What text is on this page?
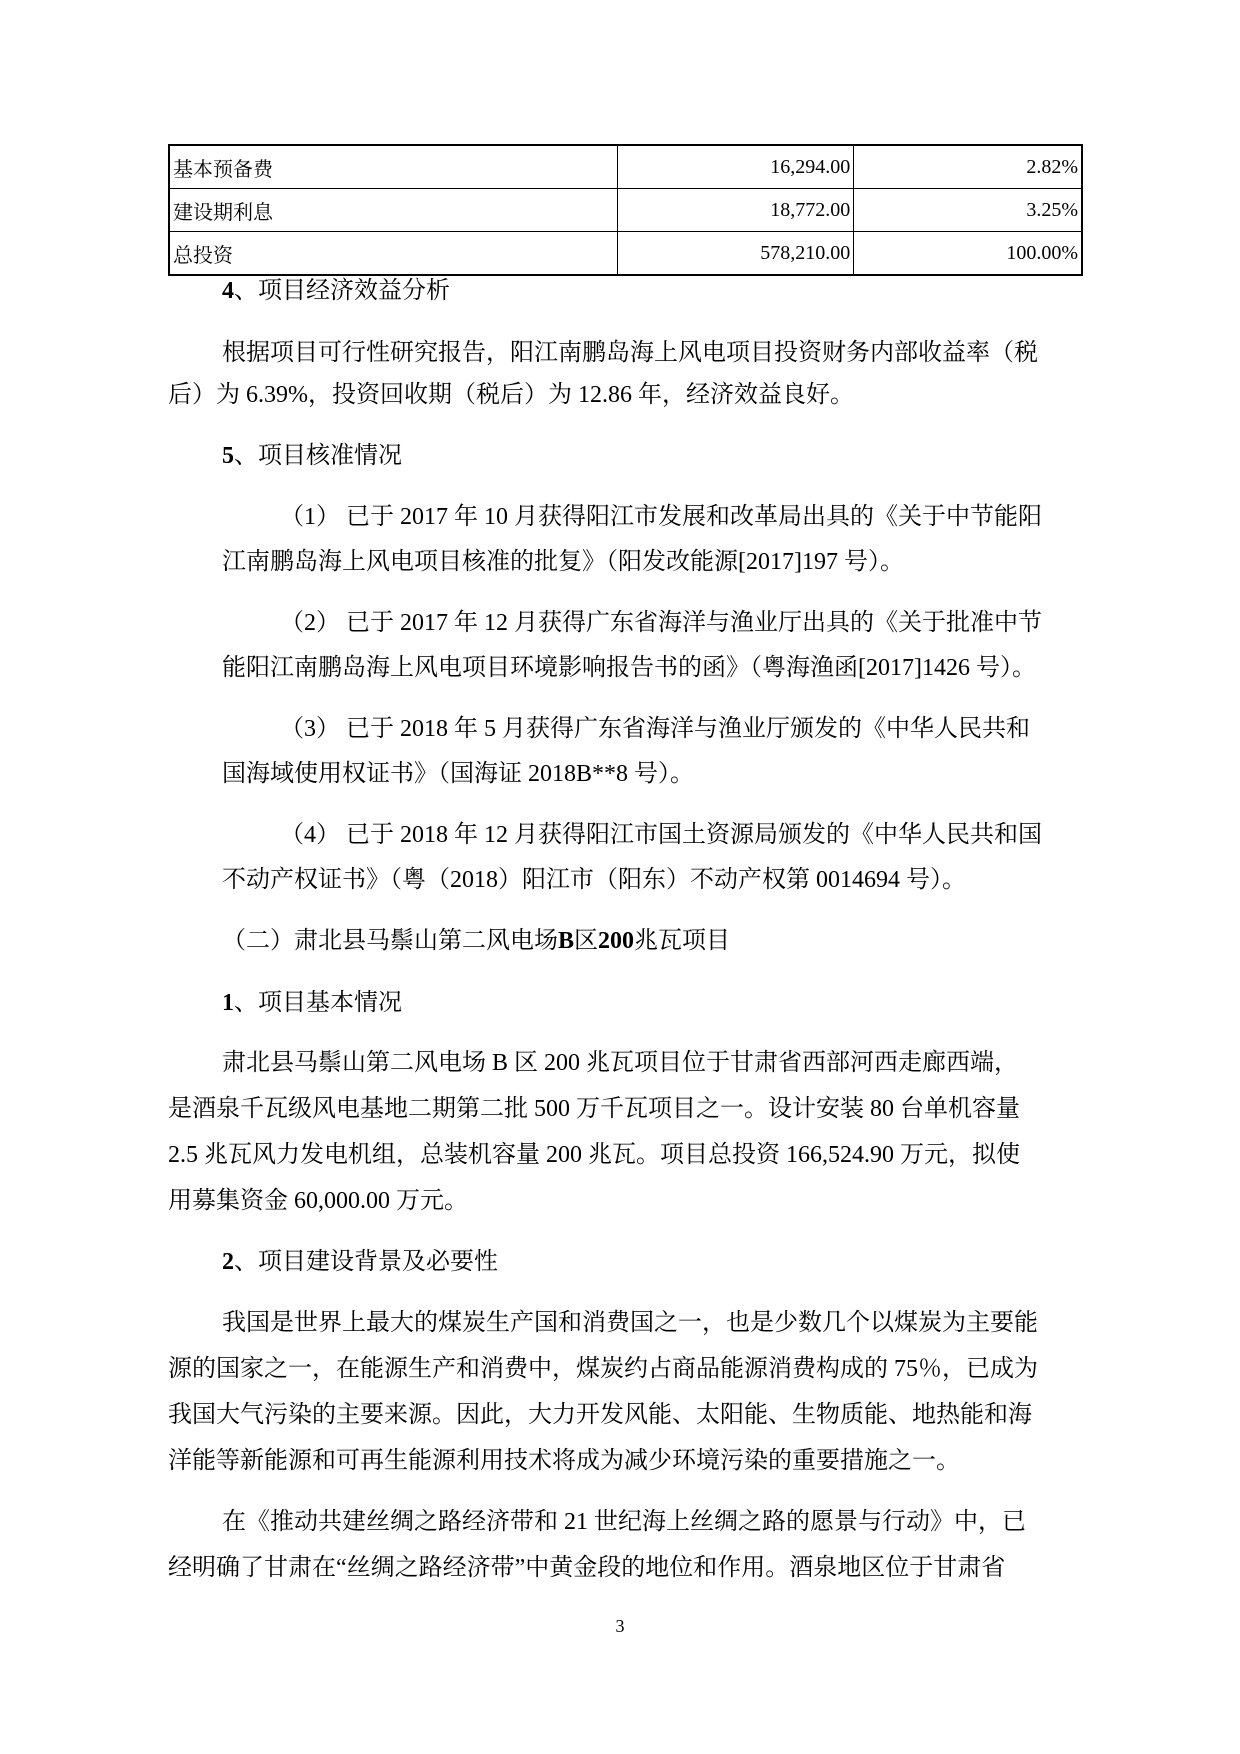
基本预备费	16,294.00	2.82%
建设期利息	18,772.00	3.25%
总投资	578,210.00	100.00%
4、项目经济效益分析
根据项目可行性研究报告，阳江南鹏岛海上风电项目投资财务内部收益率（税
后）为 6.39%，投资回收期（税后）为 12.86 年，经济效益良好。
5、项目核准情况
（1） 已于 2017 年 10 月获得阳江市发展和改革局出具的《关于中节能阳
江南鹏岛海上风电项目核准的批复》（阳发改能源[2017]197 号）。
（2） 已于 2017 年 12 月获得广东省海洋与渔业厅出具的《关于批准中节
能阳江南鹏岛海上风电项目环境影响报告书的函》（粤海渔函[2017]1426 号）。
（3） 已于 2018 年 5 月获得广东省海洋与渔业厅颁发的《中华人民共和
国海域使用权证书》（国海证 2018B**8 号）。
（4） 已于 2018 年 12 月获得阳江市国土资源局颁发的《中华人民共和国
不动产权证书》（粤（2018）阳江市（阳东）不动产权第 0014694 号）。
（二）肃北县马鬃山第二风电场B区200兆瓦项目
1、项目基本情况
肃北县马鬃山第二风电场 B 区 200 兆瓦项目位于甘肃省西部河西走廊西端，
是酒泉千瓦级风电基地二期第二批 500 万千瓦项目之一。设计安装 80 台单机容量
2.5 兆瓦风力发电机组，总装机容量 200 兆瓦。项目总投资 166,524.90 万元，拟使
用募集资金 60,000.00 万元。
2、项目建设背景及必要性
我国是世界上最大的煤炭生产国和消费国之一，也是少数几个以煤炭为主要能
源的国家之一，在能源生产和消费中，煤炭约占商品能源消费构成的 75％，已成为
我国大气污染的主要来源。因此，大力开发风能、太阳能、生物质能、地热能和海
洋能等新能源和可再生能源利用技术将成为减少环境污染的重要措施之一。
在《推动共建丝绸之路经济带和 21 世纪海上丝绸之路的愿景与行动》中，已
经明确了甘肃在“丝绸之路经济带”中黄金段的地位和作用。酒泉地区位于甘肃省
3
